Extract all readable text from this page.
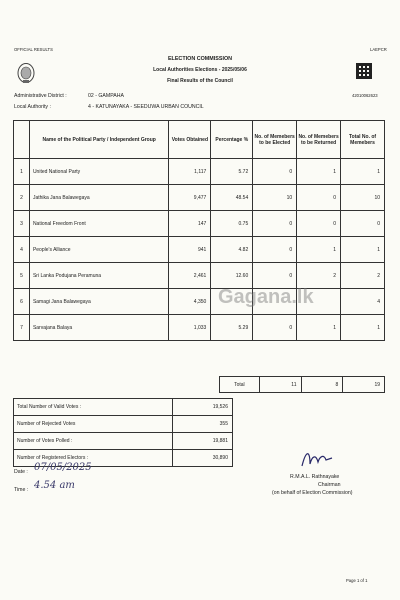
OFFICIAL RESULTS	LAEPCR
ELECTION COMMISSION
Local Authorities Elections - 2025/05/06
Final Results of the Council
42010062623
Administrative District :	02 - GAMPAHA
Local Authority :	4 - KATUNAYAKA - SEEDUWA URBAN COUNCIL
	Name of the Political Party / Independent Group	Votes Obtained	Percentage %	No. of Memebers to be Elected	No. of Memebers to be Returned	Total No. of Memebers
1	United National Party	1,117	5.72	0	1	1
2	Jathika Jana Balawegaya	9,477	48.54	10	0	10
3	National Freedom Front	147	0.75	0	0	0
4	People's Alliance	941	4.82	0	1	1
5	Sri Lanka Podujana Peramuna	2,461	12.60	0	2	2
6	Samagi Jana Balawegaya	4,350				4
7	Sarvajana Balaya	1,033	5.29	0	1	1
Total	11	8	19
Total Number of Valid Votes :	19,526
Number of Rejected Votes	355
Number of Votes Polled :	19,881
Number of Registered Electors :	30,890
Gagana.lk
Date : 07/05/2025
Time : 4.54 am
R.M.A.L. Rathnayake
Chairman
(on behalf of Election Commission)
Page 1 of 1
